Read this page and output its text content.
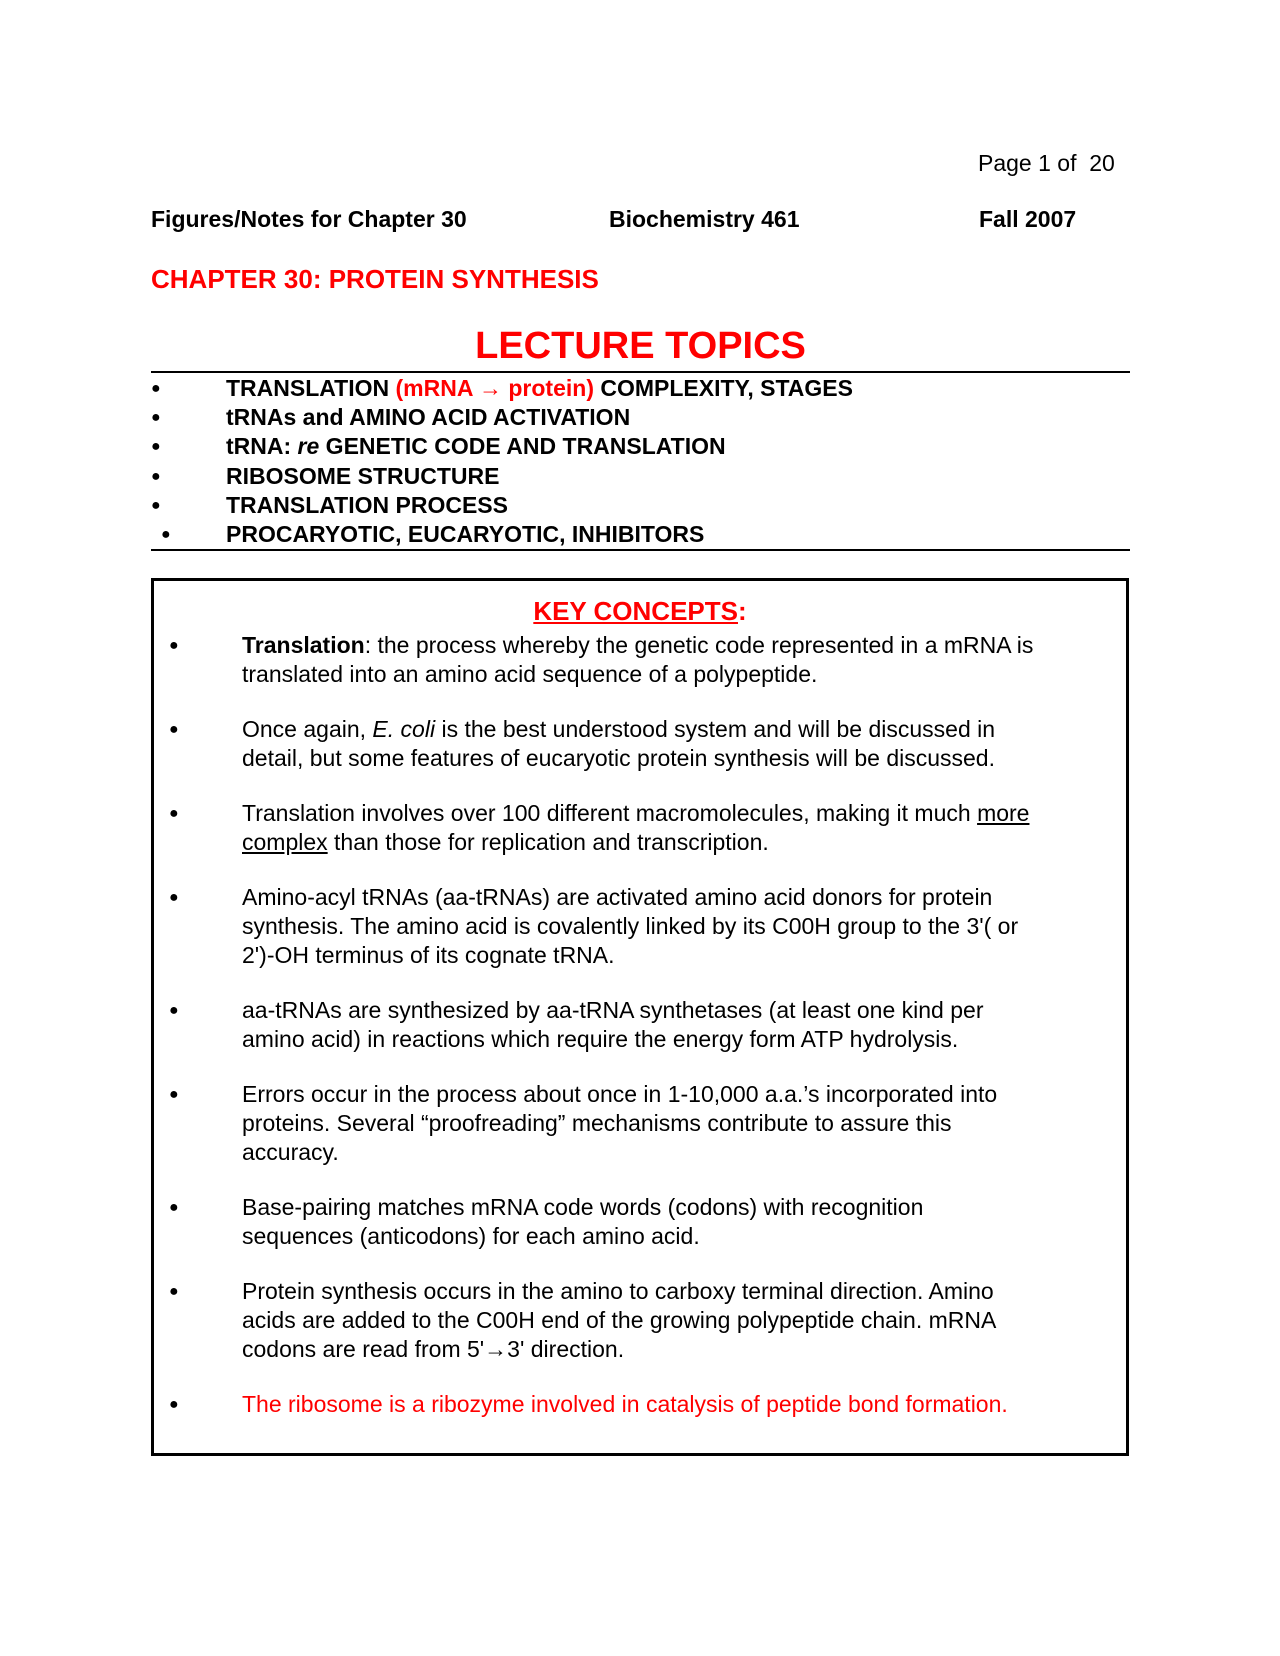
Page 1 of  20
Figures/Notes for Chapter 30	Biochemistry 461	Fall 2007
CHAPTER 30: PROTEIN SYNTHESIS
LECTURE TOPICS
●	TRANSLATION (mRNA → protein) COMPLEXITY, STAGES
●	tRNAs and AMINO ACID ACTIVATION
●	tRNA: re GENETIC CODE AND TRANSLATION
●	RIBOSOME STRUCTURE
●	TRANSLATION PROCESS
● PROCARYOTIC, EUCARYOTIC, INHIBITORS
KEY CONCEPTS:
●	Translation: the process whereby the genetic code represented in a mRNA is
translated into an amino acid sequence of a polypeptide.
●	Once again, E. coli is the best understood system and will be discussed in
detail, but some features of eucaryotic protein synthesis will be discussed.
●	Translation involves over 100 different macromolecules, making it much more
complex than those for replication and transcription.
●	Amino-acyl tRNAs (aa-tRNAs) are activated amino acid donors for protein
synthesis. The amino acid is covalently linked by its C00H group to the 3'( or
2')-OH terminus of its cognate tRNA.
●	aa-tRNAs are synthesized by aa-tRNA synthetases (at least one kind per
amino acid) in reactions which require the energy form ATP hydrolysis.
●	Errors occur in the process about once in 1-10,000 a.a.’s incorporated into
proteins. Several “proofreading” mechanisms contribute to assure this
accuracy.
●	Base-pairing matches mRNA code words (codons) with recognition
sequences (anticodons) for each amino acid.
●	Protein synthesis occurs in the amino to carboxy terminal direction. Amino
acids are added to the C00H end of the growing polypeptide chain. mRNA
codons are read from 5'→3' direction.
●	The ribosome is a ribozyme involved in catalysis of peptide bond formation.
